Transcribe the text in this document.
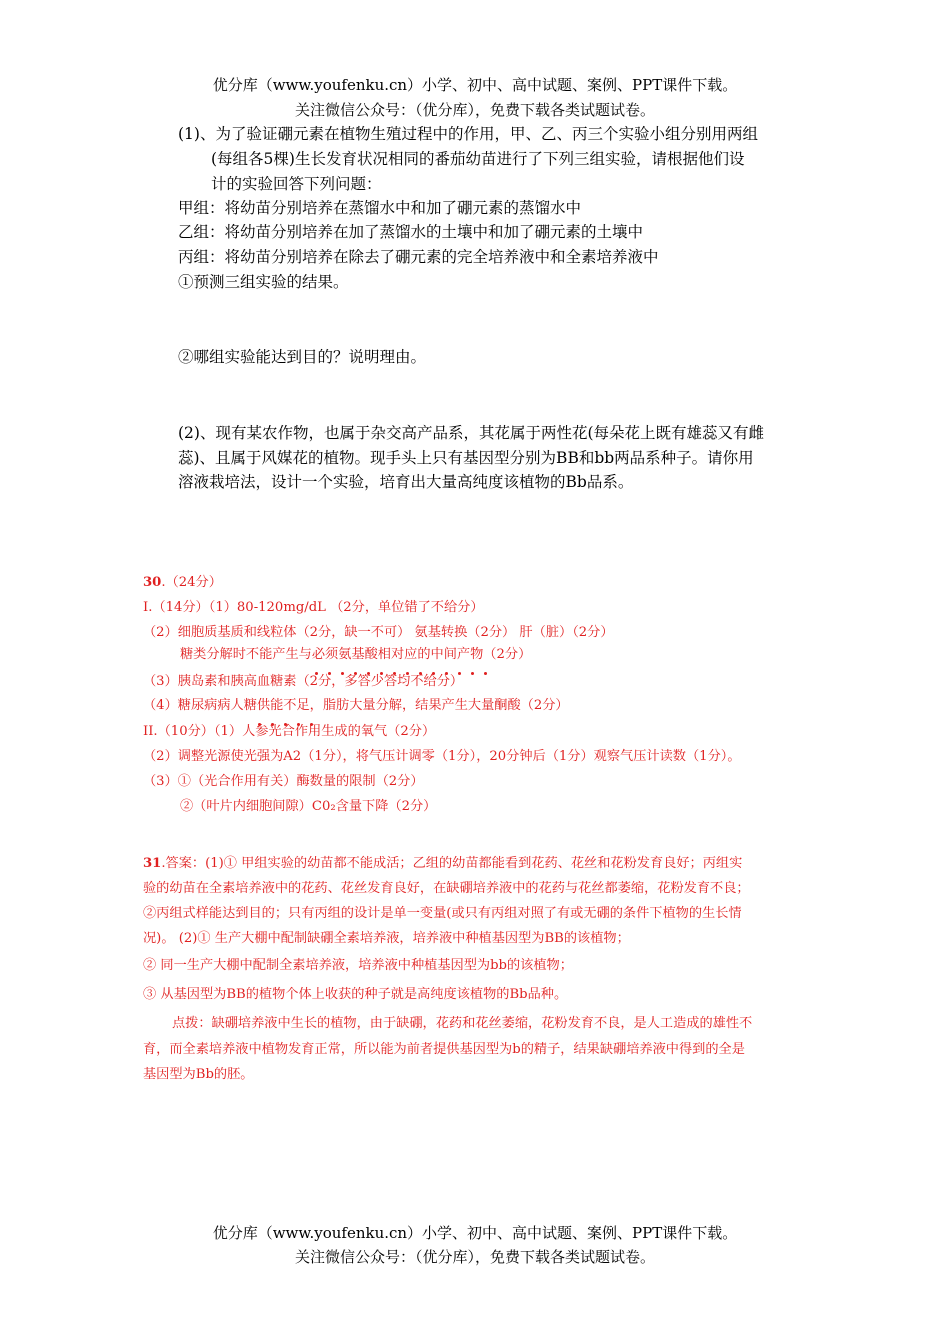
优分库（www.youfenku.cn）小学、初中、高中试题、案例、PPT课件下载。
关注微信公众号：（优分库），免费下载各类试题试卷。
(1)、为了验证硼元素在植物生殖过程中的作用，甲、乙、丙三个实验小组分别用两组
(每组各5棵)生长发育状况相同的番茄幼苗进行了下列三组实验，请根据他们设
计的实验回答下列问题：
甲组：将幼苗分别培养在蒸馏水中和加了硼元素的蒸馏水中
乙组：将幼苗分别培养在加了蒸馏水的土壤中和加了硼元素的土壤中
丙组：将幼苗分别培养在除去了硼元素的完全培养液中和全素培养液中
①预测三组实验的结果。
②哪组实验能达到目的？说明理由。
(2)、现有某农作物，也属于杂交高产品系，其花属于两性花(每朵花上既有雄蕊又有雌
蕊)、且属于风媒花的植物。现手头上只有基因型分别为BB和bb两品系种子。请你用
溶液栽培法，设计一个实验，培育出大量高纯度该植物的Bb品系。
30.（24分）
I.（14分）（1）80-120mg/dL （2分，单位错了不给分）
（2）细胞质基质和线粒体（2分，缺一不可） 氨基转换（2分） 肝（脏）（2分）
糖类分解时不能产生与必须氨基酸相对应的中间产物（2分）
（3）胰岛素和胰高血糖素（2分，多答少答均不给分）
（4）糖尿病病人糖供能不足，脂肪大量分解，结果产生大量酮酸（2分）
II.（10分）（1）人参光合作用生成的氧气（2分）
（2）调整光源使光强为A2（1分），将气压计调零（1分），20分钟后（1分）观察气压计读数（1分）。
（3）①（光合作用有关）酶数量的限制（2分）
②（叶片内细胞间隙）C0₂含量下降（2分）
31.答案：(1)① 甲组实验的幼苗都不能成活；乙组的幼苗都能看到花药、花丝和花粉发育良好；丙组实
验的幼苗在全素培养液中的花药、花丝发育良好，在缺硼培养液中的花药与花丝都萎缩，花粉发育不良；
②丙组式样能达到目的；只有丙组的设计是单一变量(或只有丙组对照了有或无硼的条件下植物的生长情
况)。 (2)① 生产大棚中配制缺硼全素培养液，培养液中种植基因型为BB的该植物；
② 同一生产大棚中配制全素培养液，培养液中种植基因型为bb的该植物；
③ 从基因型为BB的植物个体上收获的种子就是高纯度该植物的Bb品种。
点拨：缺硼培养液中生长的植物，由于缺硼，花药和花丝萎缩，花粉发育不良，是人工造成的雄性不
育，而全素培养液中植物发育正常，所以能为前者提供基因型为b的精子，结果缺硼培养液中得到的全是
基因型为Bb的胚。
优分库（www.youfenku.cn）小学、初中、高中试题、案例、PPT课件下载。
关注微信公众号：（优分库），免费下载各类试题试卷。
